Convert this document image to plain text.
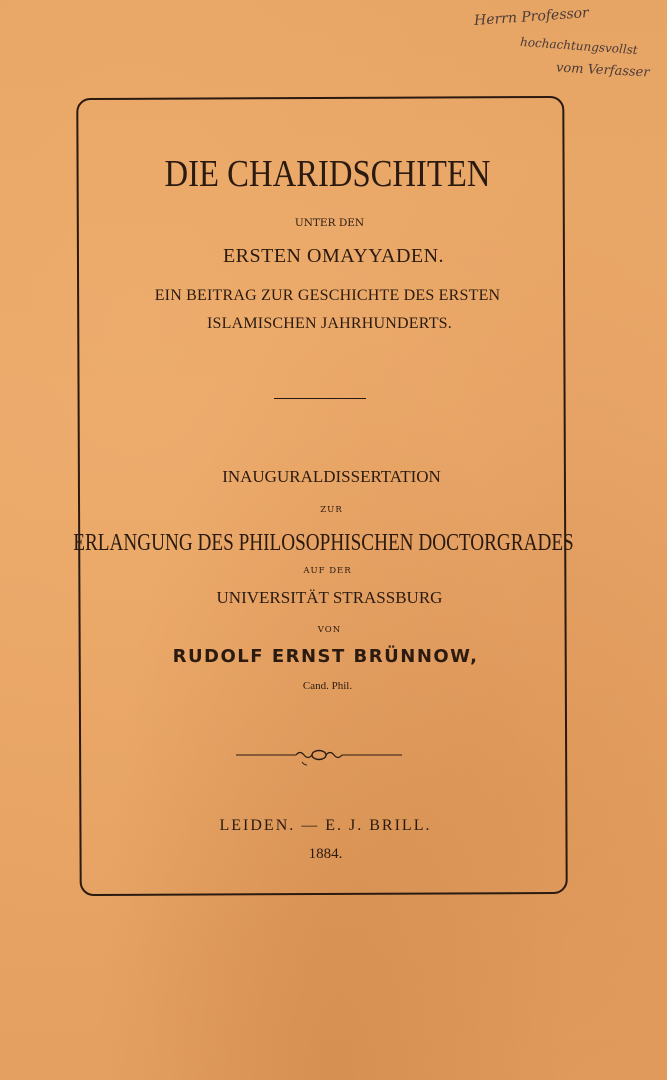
Herrn Professor
hochachtungsvollst
vom Verfasser
DIE CHARIDSCHITEN
UNTER DEN
ERSTEN OMAYYADEN.
EIN BEITRAG ZUR GESCHICHTE DES ERSTEN
ISLAMISCHEN JAHRHUNDERTS.
INAUGURALDISSERTATION
ZUR
ERLANGUNG DES PHILOSOPHISCHEN DOCTORGRADES
AUF DER
UNIVERSITÄT STRASSBURG
VON
RUDOLF ERNST BRÜNNOW,
Cand. Phil.
LEIDEN. — E. J. BRILL.
1884.
